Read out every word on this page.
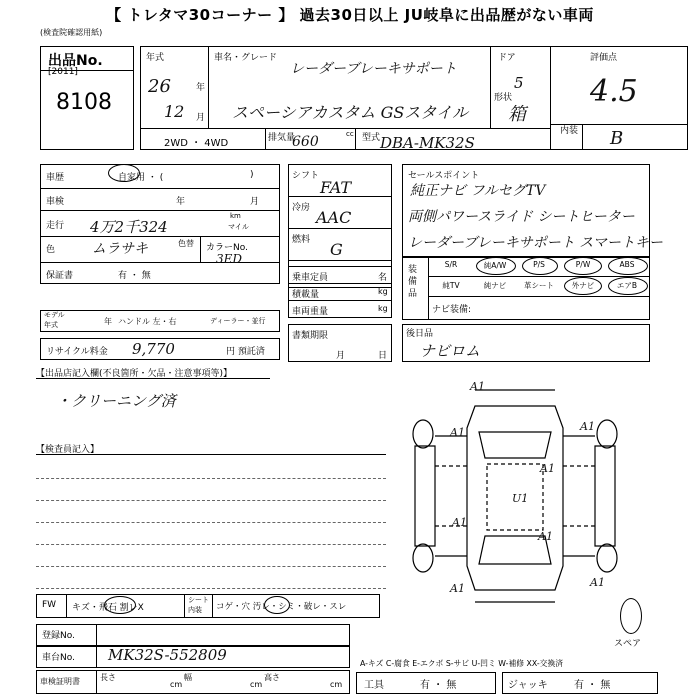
【 トレタマ30コーナー 】 過去30日以上 JU岐阜に出品歴がない車両
(検査院確認用紙)
出品No.
[2011]
8108
年式
26	年
12 月
車名・グレード
レーダーブレーキサポート
スペーシアカスタム GSスタイル
ドア
5
形状
箱
評価点
4.5
内装 B
2WD ・ 4WD	排気量
660	cc 型式 DBA-MK32S
車歴	自家用 ・ (	)
車検	年	月
走行 4万2千324
km
マイル
色	ムラサキ	色替	カラーNo.
3ED
保証書	有 ・ 無
モデル年式	年 ハンドル 左・右	ディーラー・並行
リサイクル料金 9,770	円 預託済
シフト
FAT
冷房 AAC
燃料 G
乗車定員	名
積載量	kg
車両重量	kg
書類期限
月	日
セールスポイント
純正ナビ フルセグTV
両側パワースライド シートヒーター
レーダーブレーキサポート スマートキー
装備品
S/R	純A/W	P/S	P/W	ABS
純TV	純ナビ	革シート	外ナビ	エアB
ナビ装備:
後日品
ナビロム
【出品店記入欄(不良箇所・欠品・注意事項等)】
・クリーニング済
【検査員記入】
A1
A1	A1
A1
U1
A1
A1
A1	A1
FW キズ・飛石 割レX
シート 内装	コゲ・穴 汚レ・シミ・破レ・スレ
スペア
登録No.
車台No. MK32S-552809
車検証明書	長さ
cm
幅
cm
高さ
cm
A-キズ C-腐食 E-エクボ S-サビ U-凹ミ W-補修 XX-交換済
工具	有 ・ 無	ジャッキ	有 ・ 無
